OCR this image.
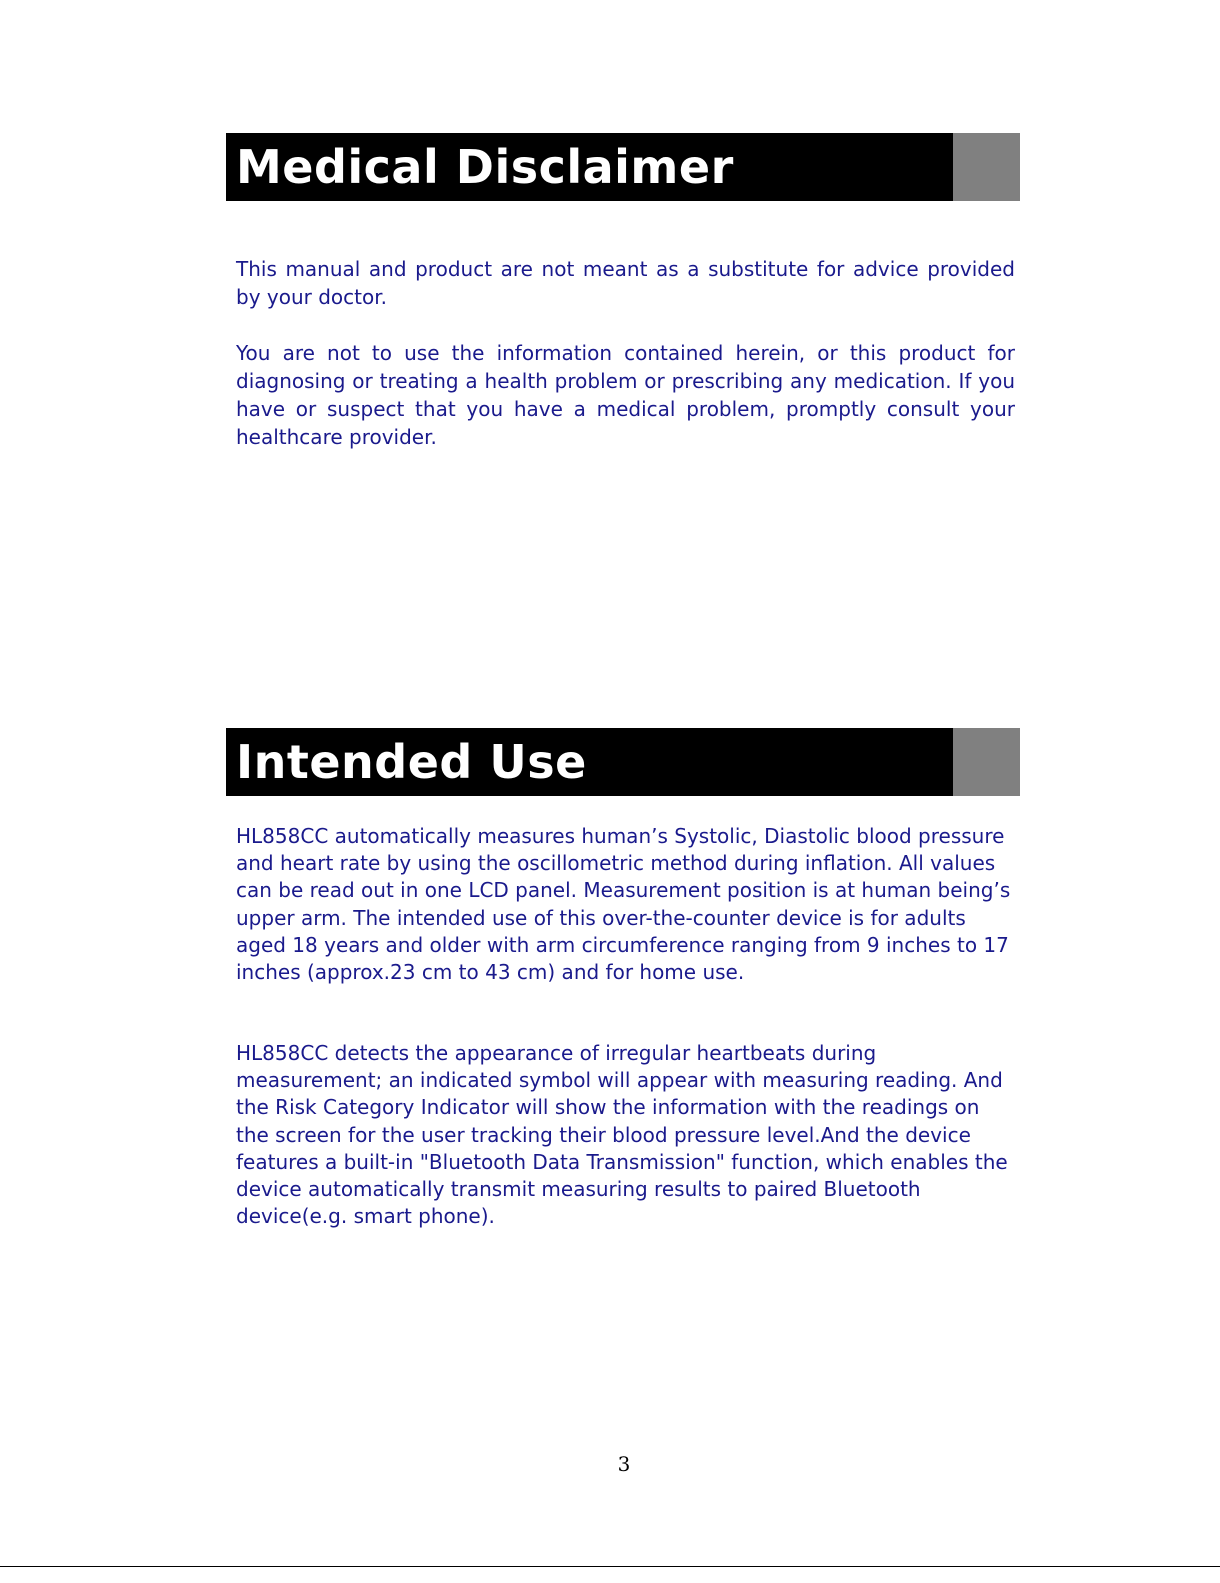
Medical Disclaimer

This manual and product are not meant as a substitute for advice provided by your doctor.

You are not to use the information contained herein, or this product for diagnosing or treating a health problem or prescribing any medication. If you have or suspect that you have a medical problem, promptly consult your healthcare provider.

Intended Use

HL858CC automatically measures human’s Systolic, Diastolic blood pressure and heart rate by using the oscillometric method during inflation. All values can be read out in one LCD panel. Measurement position is at human being’s upper arm. The intended use of this over-the-counter device is for adults aged 18 years and older with arm circumference ranging from 9 inches to 17 inches (approx.23 cm to 43 cm) and for home use.

HL858CC detects the appearance of irregular heartbeats during measurement; an indicated symbol will appear with measuring reading. And the Risk Category Indicator will show the information with the readings on the screen for the user tracking their blood pressure level.And the device features a built-in "Bluetooth Data Transmission" function, which enables the device automatically transmit measuring results to paired Bluetooth device(e.g. smart phone).

3
